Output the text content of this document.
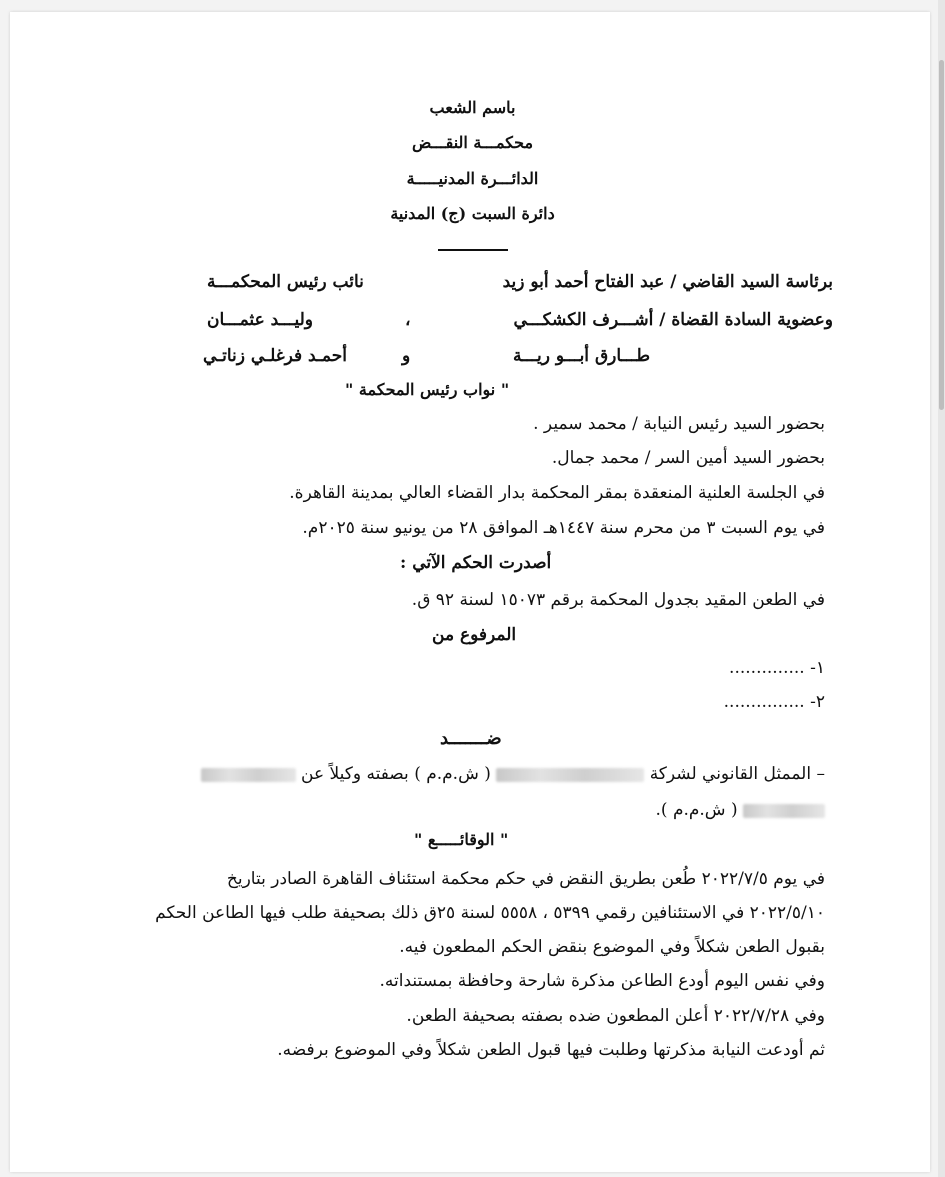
باسم الشعب
محكمـــة النقـــض
الدائـــرة المدنيـــــة
دائرة السبت (ج) المدنية
برئاسة السيد القاضي / عبد الفتاح أحمد أبو زيد
نائب رئيس المحكمـــة
وعضوية السادة القضاة / أشـــرف الكشكـــي
،
وليـــد عثمـــان
طـــارق أبـــو ريـــة
و
أحمـد فرغلـي زناتـي
" نواب رئيس المحكمة "
بحضور السيد رئيس النيابة / محمد سمير .
بحضور السيد أمين السر / محمد جمال.
في الجلسة العلنية المنعقدة بمقر المحكمة بدار القضاء العالي بمدينة القاهرة.
في يوم السبت ٣ من محرم سنة ١٤٤٧هـ الموافق ٢٨ من يونيو سنة ٢٠٢٥م.
أصدرت الحكم الآتي :
في الطعن المقيد بجدول المحكمة برقم ١٥٠٧٣ لسنة ٩٢ ق.
المرفوع من
١- ..............
٢- ...............
ضـــــــد
– الممثل القانوني لشركة  ( ش.م.م ) بصفته وكيلاً عن
( ش.م.م ).
" الوقائـــــع "
في يوم ٢٠٢٢/٧/٥ طُعن بطريق النقض في حكم محكمة استئناف القاهرة الصادر بتاريخ
٢٠٢٢/٥/١٠ في الاستئنافين رقمي ٥٣٩٩ ، ٥٥٥٨ لسنة ٢٥ق ذلك بصحيفة طلب فيها الطاعن الحكم
بقبول الطعن شكلاً وفي الموضوع بنقض الحكم المطعون فيه.
وفي نفس اليوم أودع الطاعن مذكرة شارحة وحافظة بمستنداته.
وفي ٢٠٢٢/٧/٢٨ أعلن المطعون ضده بصفته بصحيفة الطعن.
ثم أودعت النيابة مذكرتها وطلبت فيها قبول الطعن شكلاً وفي الموضوع برفضه.
